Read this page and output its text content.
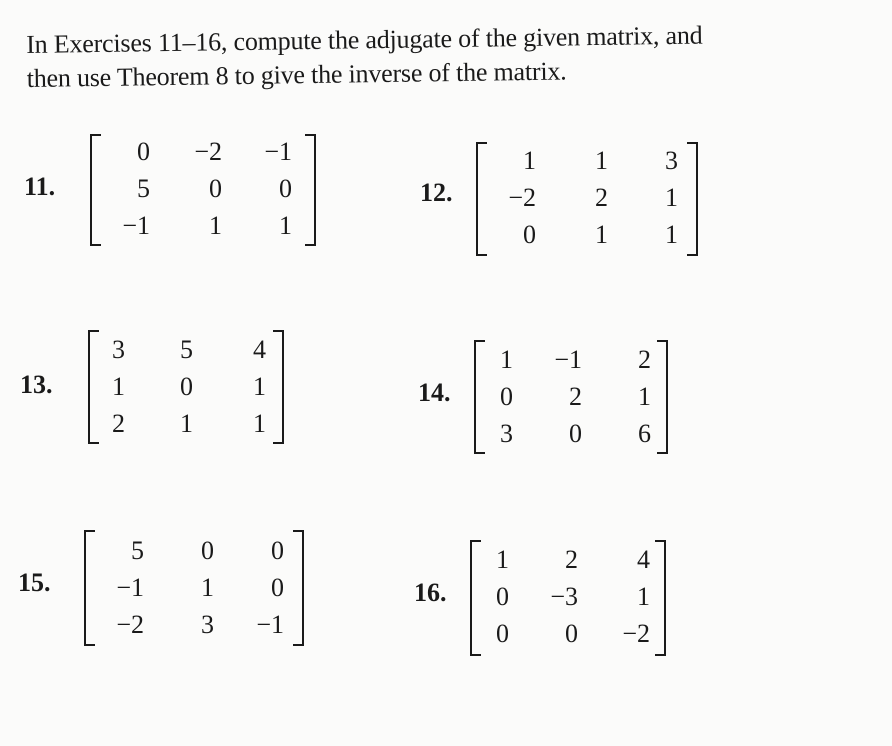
In Exercises 11–16, compute the adjugate of the given matrix, and
then use Theorem 8 to give the inverse of the matrix.
11.
0	−2	−1
5	0	0
−1	1	1
12.
1	1	3
−2	2	1
0	1	1
13.
3	5	4
1	0	1
2	1	1
14.
1	−1	2
0	2	1
3	0	6
15.
5	0	0
−1	1	0
−2	3	−1
16.
1	2	4
0	−3	1
0	0	−2
